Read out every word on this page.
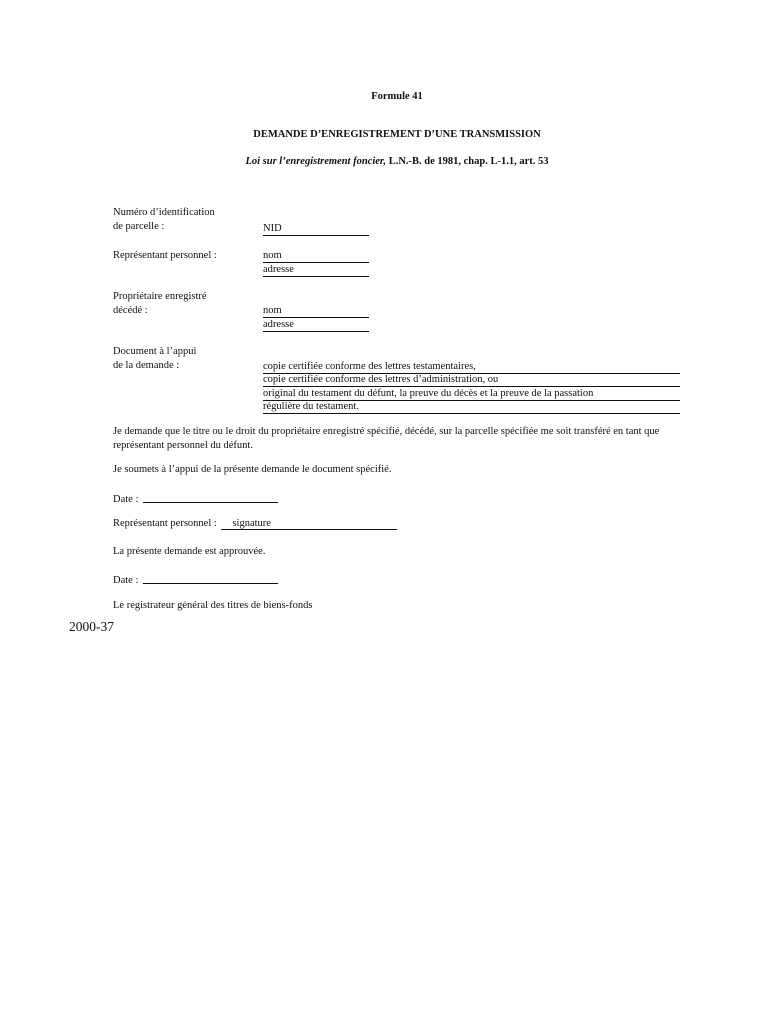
Formule 41
DEMANDE D’ENREGISTREMENT D’UNE TRANSMISSION
Loi sur l’enregistrement foncier, L.N.-B. de 1981, chap. L-1.1, art. 53
Numéro d’identification
de parcelle :	NID
Représentant personnel :	nom
adresse
Propriétaire enregistré
décédé :	nom
adresse
Document à l’appui
de la demande :	copie certifiée conforme des lettres testamentaires,
copie certifiée conforme des lettres d’administration, ou
original du testament du défunt, la preuve du décès et la preuve de la passation
régulière du testament.
Je demande que le titre ou le droit du propriétaire enregistré spécifié, décédé, sur la parcelle spécifiée me soit transféré en tant que représentant personnel du défunt.
Je soumets à l’appui de la présente demande le document spécifié.
Date :
Représentant personnel : signature
La présente demande est approuvée.
Date :
Le registrateur général des titres de biens-fonds
2000-37
